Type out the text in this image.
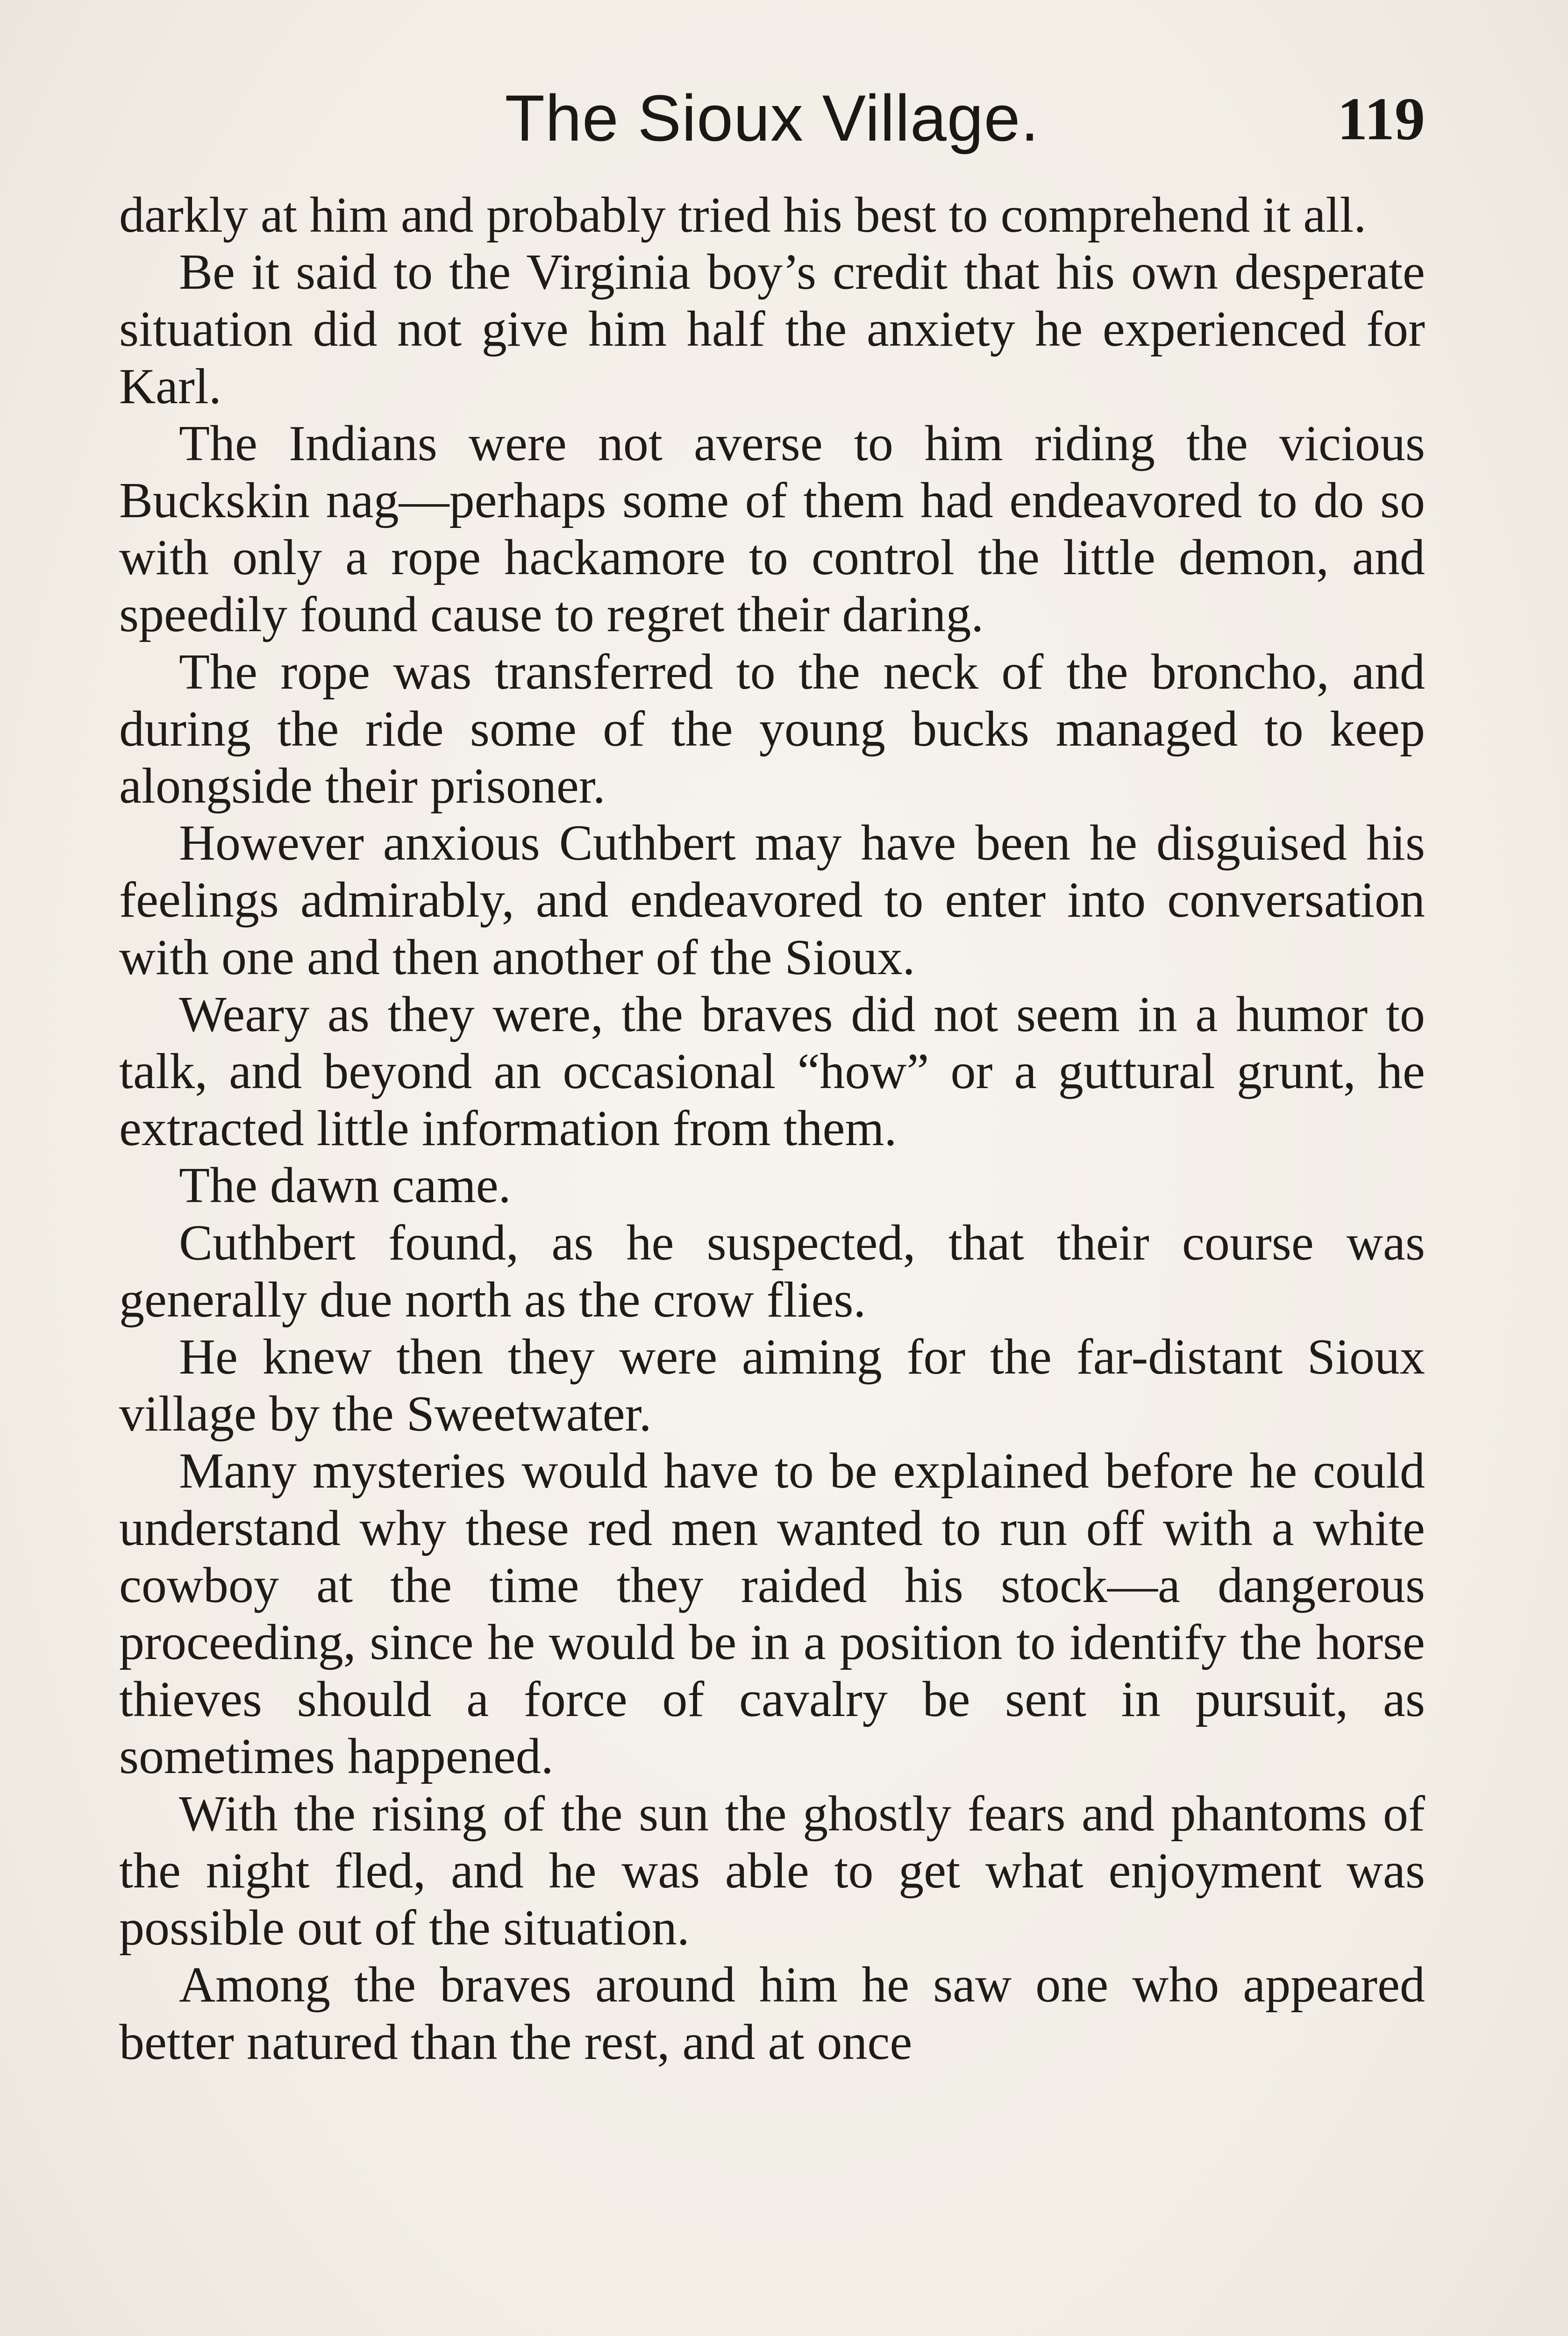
The Sioux Village.	119

darkly at him and probably tried his best to comprehend it all.

Be it said to the Virginia boy’s credit that his own desperate situation did not give him half the anxiety he experienced for Karl.

The Indians were not averse to him riding the vicious Buckskin nag—perhaps some of them had endeavored to do so with only a rope hackamore to control the little demon, and speedily found cause to regret their daring.

The rope was transferred to the neck of the broncho, and during the ride some of the young bucks managed to keep alongside their prisoner.

However anxious Cuthbert may have been he disguised his feelings admirably, and endeavored to enter into conversation with one and then another of the Sioux.

Weary as they were, the braves did not seem in a humor to talk, and beyond an occasional “how” or a guttural grunt, he extracted little information from them.

The dawn came.

Cuthbert found, as he suspected, that their course was generally due north as the crow flies.

He knew then they were aiming for the far-distant Sioux village by the Sweetwater.

Many mysteries would have to be explained before he could understand why these red men wanted to run off with a white cowboy at the time they raided his stock—a dangerous proceeding, since he would be in a position to identify the horse thieves should a force of cavalry be sent in pursuit, as sometimes happened.

With the rising of the sun the ghostly fears and phantoms of the night fled, and he was able to get what enjoyment was possible out of the situation.

Among the braves around him he saw one who appeared better natured than the rest, and at once
